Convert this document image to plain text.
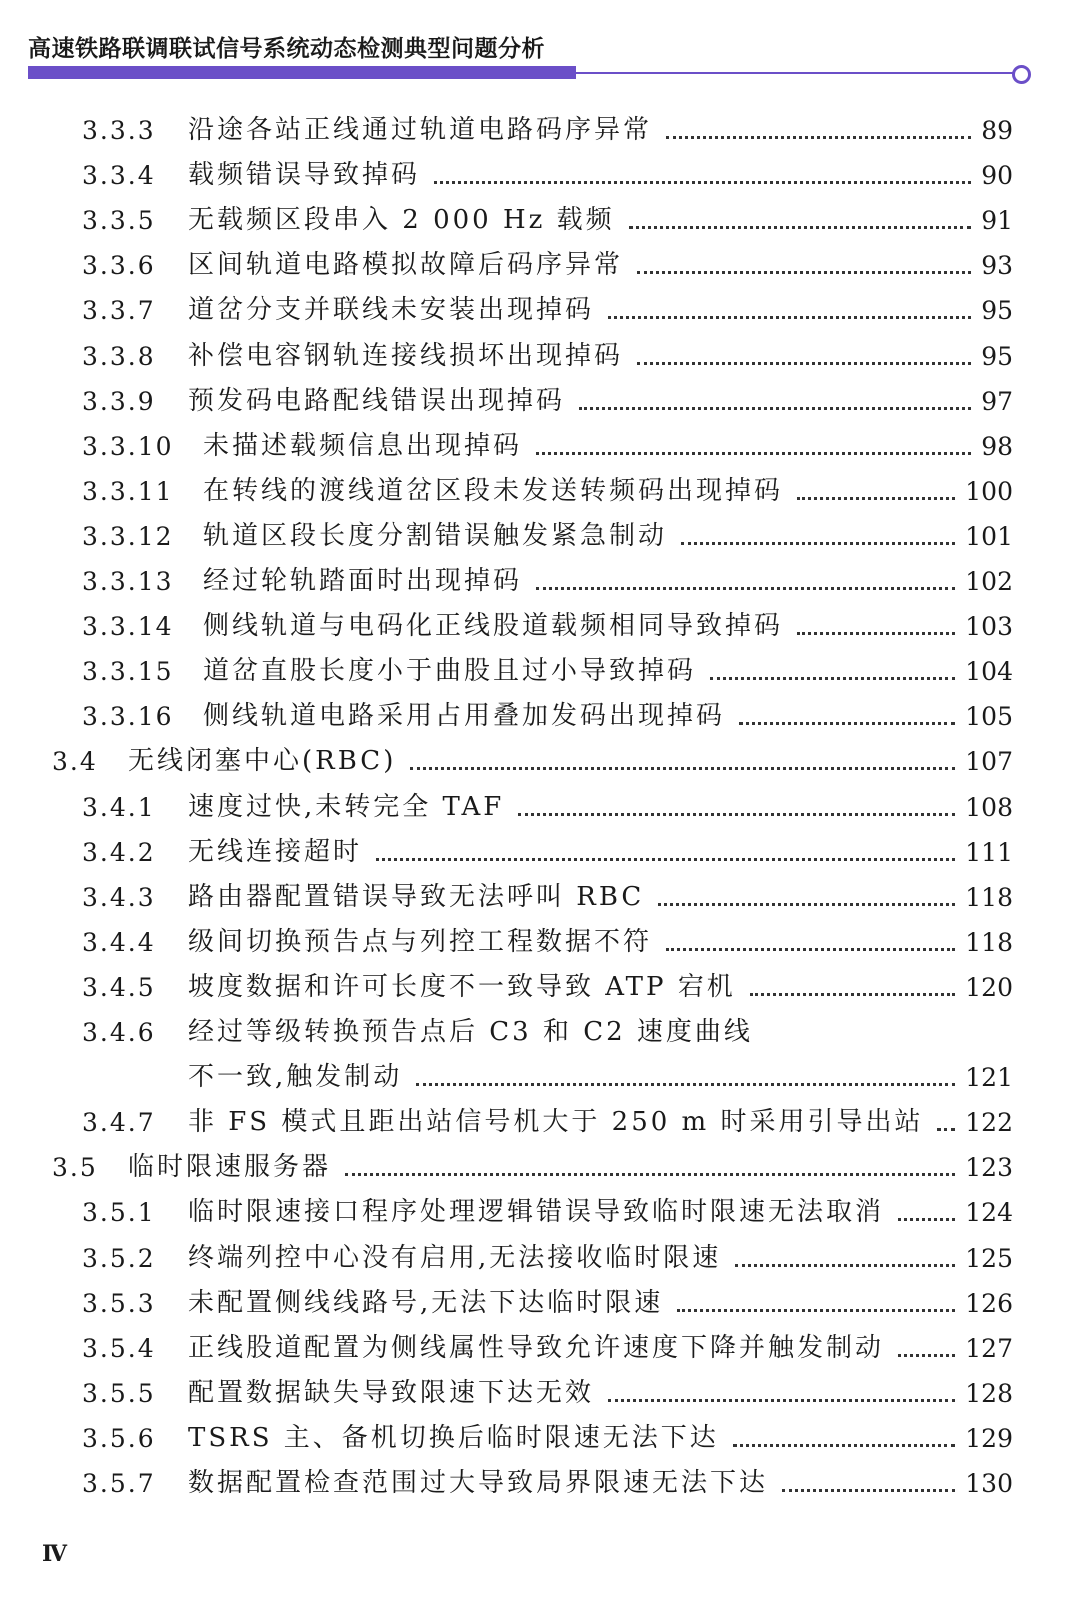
高速铁路联调联试信号系统动态检测典型问题分析
3.3.3 沿途各站正线通过轨道电路码序异常	89
3.3.4 载频错误导致掉码	90
3.3.5 无载频区段串入 2 000 Hz 载频	91
3.3.6 区间轨道电路模拟故障后码序异常	93
3.3.7 道岔分支并联线未安装出现掉码	95
3.3.8 补偿电容钢轨连接线损坏出现掉码	95
3.3.9 预发码电路配线错误出现掉码	97
3.3.10 未描述载频信息出现掉码	98
3.3.11 在转线的渡线道岔区段未发送转频码出现掉码	100
3.3.12 轨道区段长度分割错误触发紧急制动	101
3.3.13 经过轮轨踏面时出现掉码	102
3.3.14 侧线轨道与电码化正线股道载频相同导致掉码	103
3.3.15 道岔直股长度小于曲股且过小导致掉码	104
3.3.16 侧线轨道电路采用占用叠加发码出现掉码	105
3.4 无线闭塞中心(RBC)	107
3.4.1 速度过快,未转完全 TAF	108
3.4.2 无线连接超时	111
3.4.3 路由器配置错误导致无法呼叫 RBC	118
3.4.4 级间切换预告点与列控工程数据不符	118
3.4.5 坡度数据和许可长度不一致导致 ATP 宕机	120
3.4.6 经过等级转换预告点后 C3 和 C2 速度曲线
不一致,触发制动	121
3.4.7 非 FS 模式且距出站信号机大于 250 m 时采用引导出站 122
3.5 临时限速服务器	123
3.5.1 临时限速接口程序处理逻辑错误导致临时限速无法取消	124
3.5.2 终端列控中心没有启用,无法接收临时限速	125
3.5.3 未配置侧线线路号,无法下达临时限速	126
3.5.4 正线股道配置为侧线属性导致允许速度下降并触发制动	127
3.5.5 配置数据缺失导致限速下达无效	128
3.5.6 TSRS 主、备机切换后临时限速无法下达	129
3.5.7 数据配置检查范围过大导致局界限速无法下达	130
Ⅳ
